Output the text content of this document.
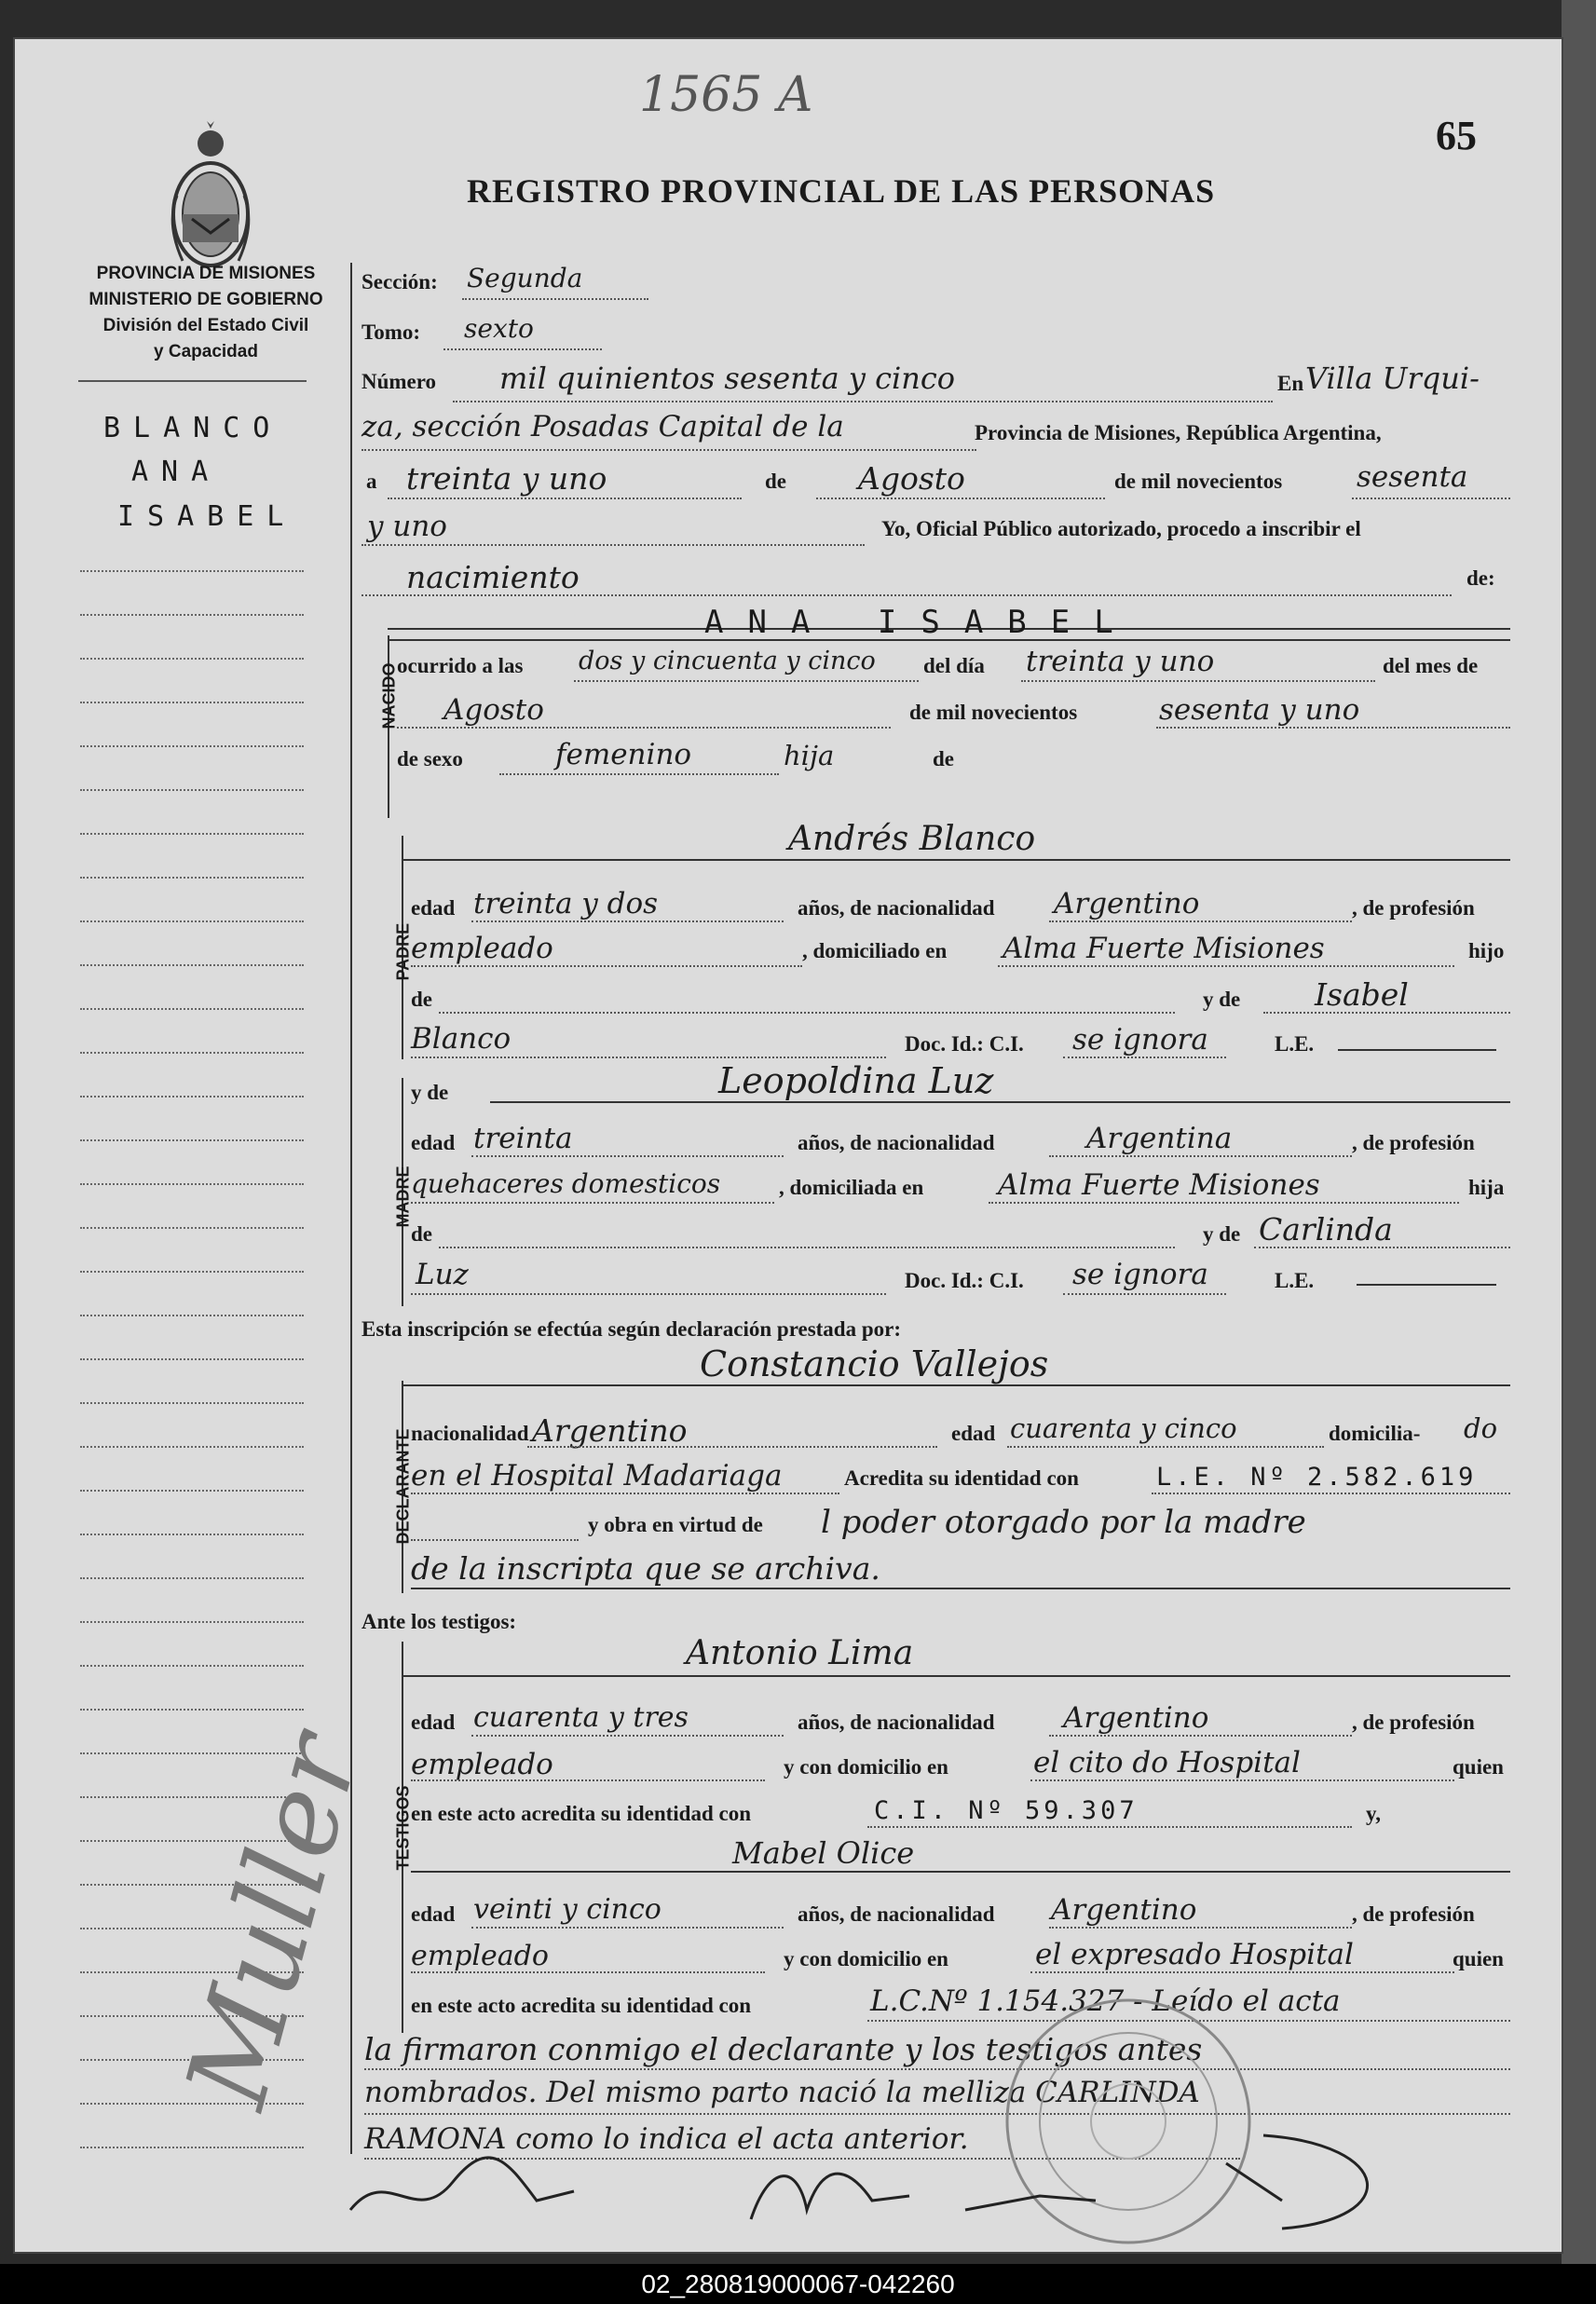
1565 A
65
REGISTRO PROVINCIAL DE LAS PERSONAS
PROVINCIA DE MISIONES
MINISTERIO DE GOBIERNO
División del Estado Civil
y Capacidad
BLANCO
ANA
ISABEL
Muller
Sección: Segunda
Tomo: sexto
Número mil quinientos sesenta y cinco	En Villa Urqui-
za, sección Posadas Capital de la	Provincia de Misiones, República Argentina,
a treinta y uno	de Agosto	de mil novecientos	sesenta
y uno	Yo, Oficial Público autorizado, procedo a inscribir el
nacimiento	de:
ANA ISABEL
NACIDO
ocurrido a las dos y cincuenta y cinco del día treinta y uno	del mes de
Agosto	de mil novecientos	sesenta y uno
de sexo	femenino	hija	de
Andrés Blanco
PADRE
edad treinta y dos	años, de nacionalidad Argentino	, de profesión
empleado	, domiciliado en Alma Fuerte Misiones	hijo
de	y de Isabel
Blanco	Doc. Id.: C.I. se ignora	L.E.
MADRE
y de	Leopoldina Luz
edad treinta	años, de nacionalidad	Argentina	, de profesión
quehaceres domesticos	, domiciliada en	Alma Fuerte Misiones	hija
de	y de Carlinda
Luz	Doc. Id.: C.I. se ignora	L.E.
Esta inscripción se efectúa según declaración prestada por:
Constancio Vallejos
DECLARANTE
nacionalidad Argentino	edad cuarenta y cinco	domicilia- do
en el Hospital Madariaga	Acredita su identidad con	L.E. Nº 2.582.619
y obra en virtud de l poder otorgado por la madre
de la inscripta que se archiva.
Ante los testigos:
Antonio Lima
TESTIGOS
edad cuarenta y tres	años, de nacionalidad Argentino	, de profesión
empleado	y con domicilio en	el cito do Hospital	quien
en este acto acredita su identidad con	C.I. Nº 59.307	y,
Mabel Olice
edad veinti y cinco	años, de nacionalidad Argentino	, de profesión
empleado	y con domicilio en	el expresado Hospital	quien
en este acto acredita su identidad con	L.C.Nº 1.154.327 - Leído el acta
la firmaron conmigo el declarante y los testigos antes
nombrados. Del mismo parto nació la melliza CARLINDA
RAMONA como lo indica el acta anterior.
02_280819000067-042260
